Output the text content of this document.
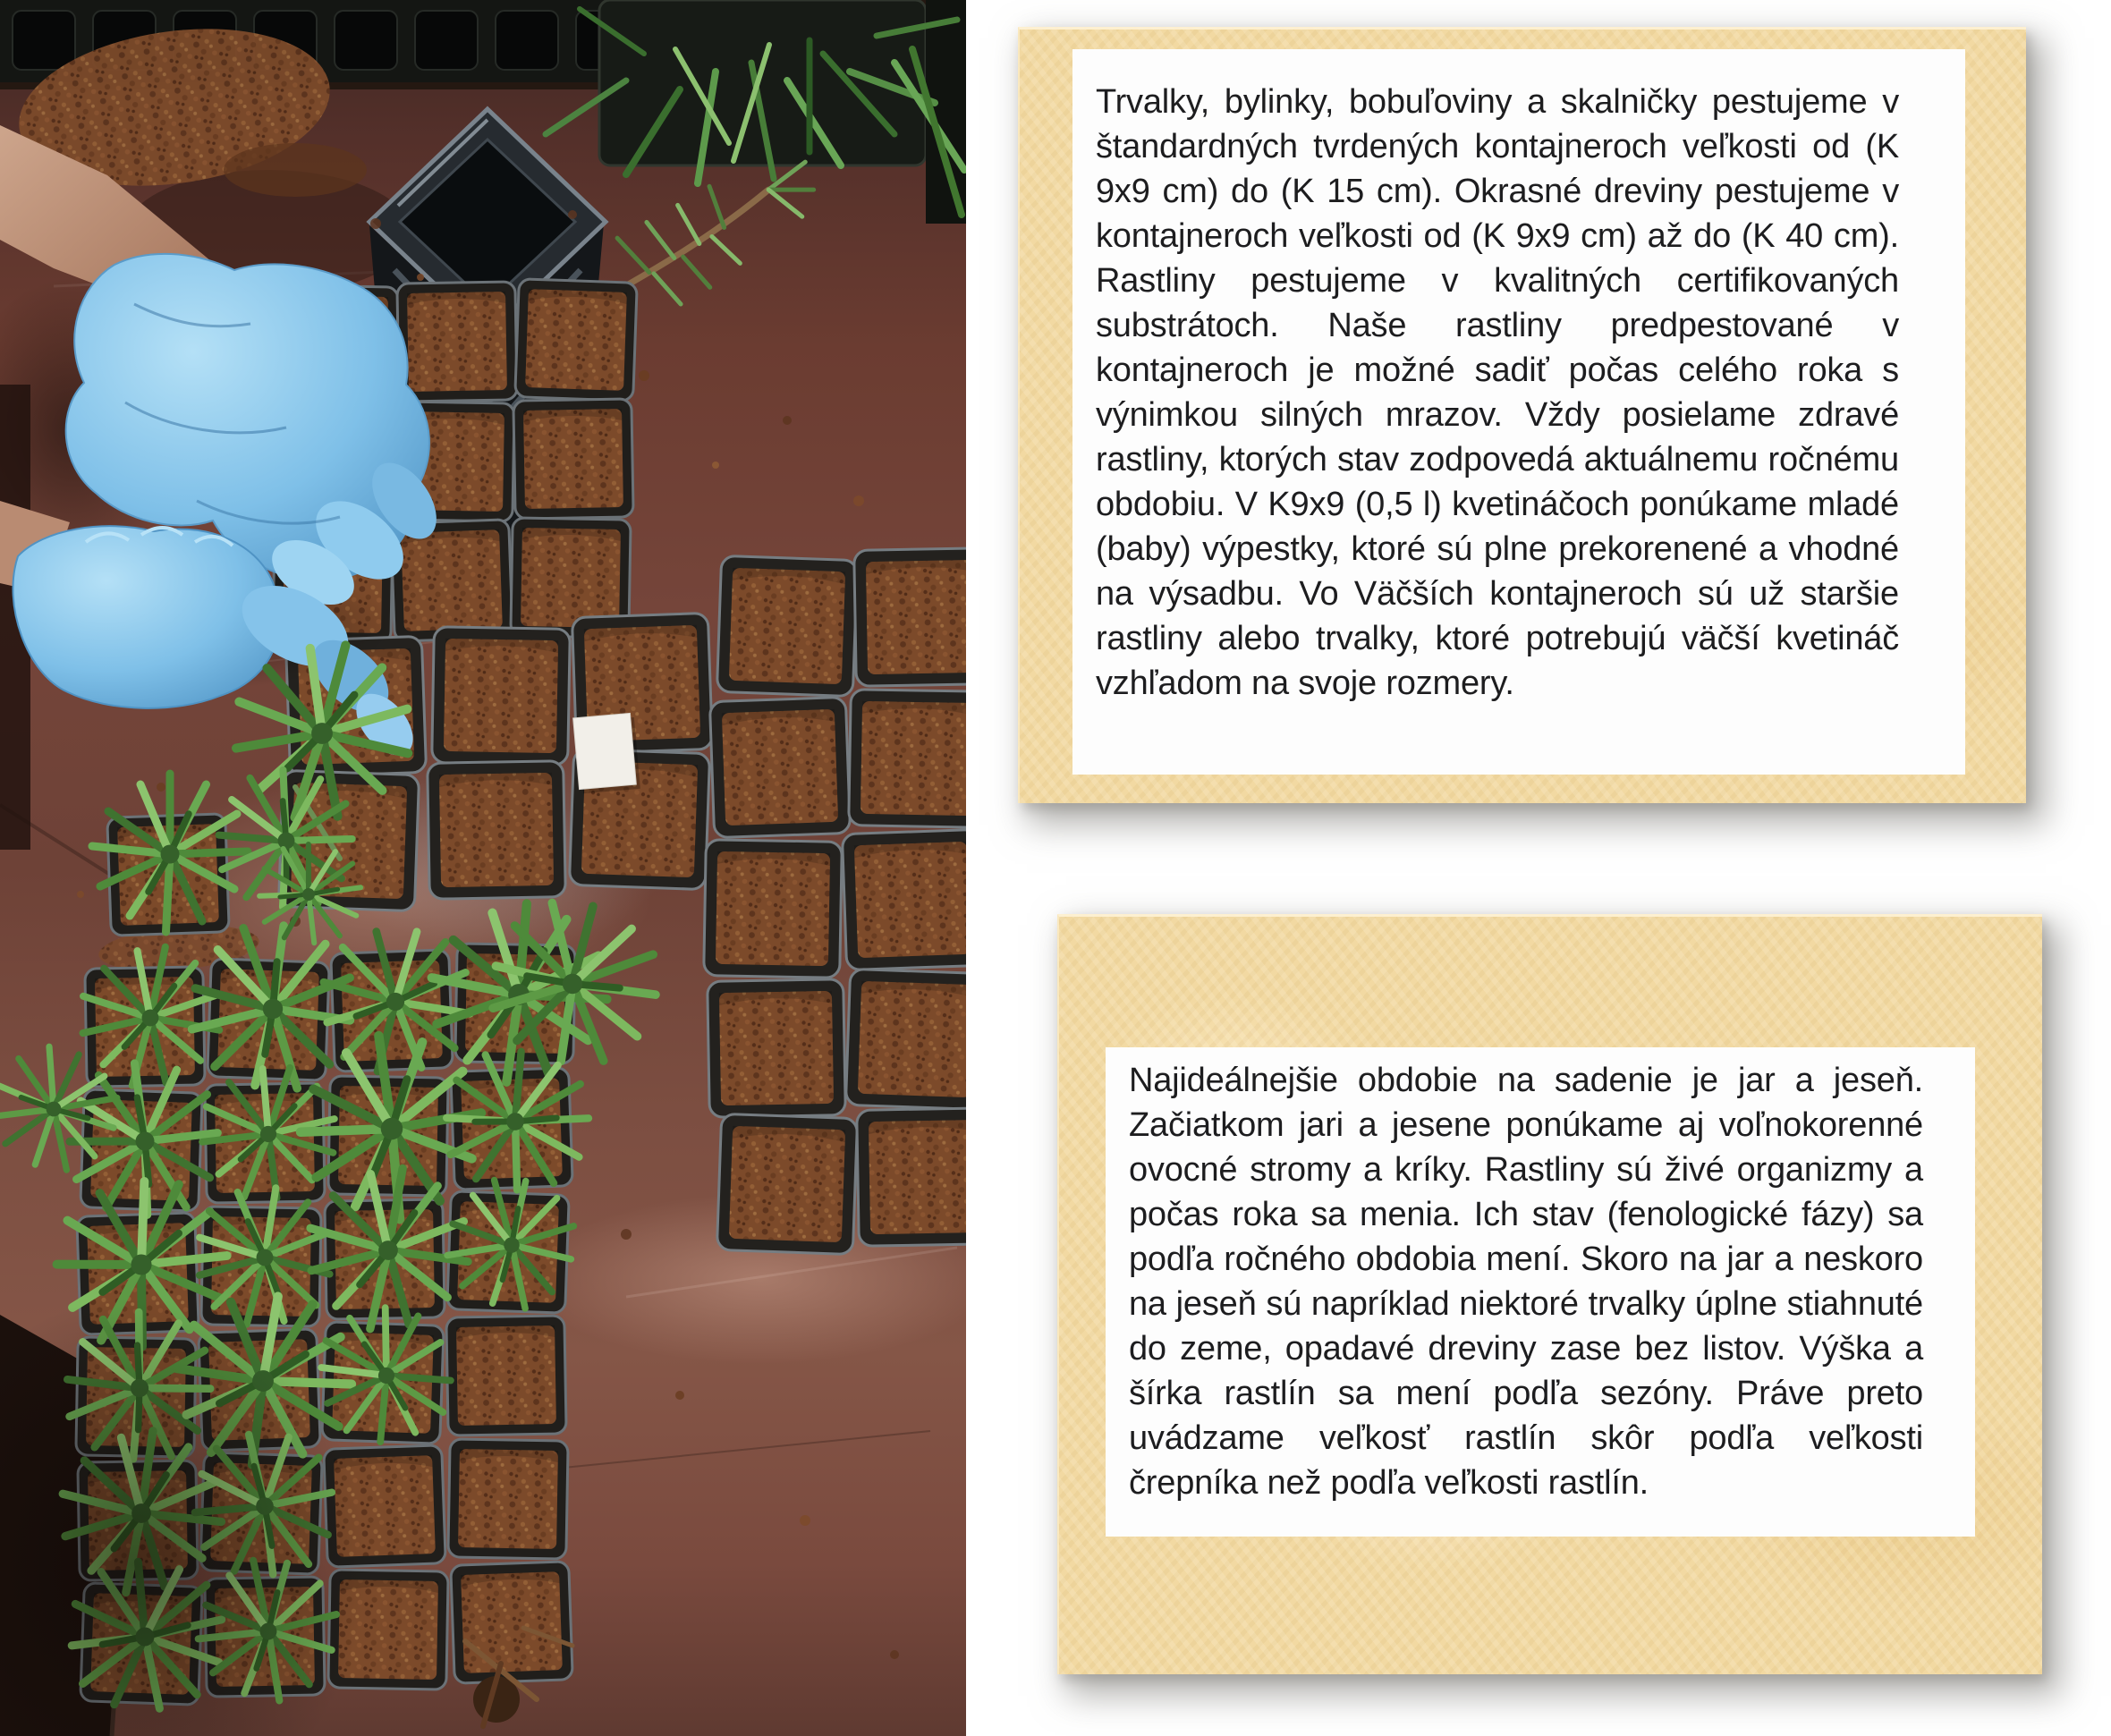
Trvalky, bylinky, bobuľoviny a skalničky pestujeme v štandardných tvrdených kontajneroch veľkosti od (K 9x9 cm) do (K 15 cm). Okrasné dreviny pestujeme v kontajneroch veľkosti od (K 9x9 cm) až do (K 40 cm). Rastliny pestujeme v kvalitných certifikovaných substrátoch. Naše rastliny predpestované v kontajneroch je možné sadiť počas celého roka s výnimkou silných mrazov. Vždy posielame zdravé rastliny, ktorých stav zodpovedá aktuálnemu ročnému obdobiu. V K9x9 (0,5 l) kvetináčoch ponúkame mladé (baby) výpestky, ktoré sú plne prekorenené a vhodné na výsadbu. Vo Väčších kontajneroch sú už staršie rastliny alebo trvalky, ktoré potrebujú väčší kvetináč vzhľadom na svoje rozmery.

Najideálnejšie obdobie na sadenie je jar a jeseň. Začiatkom jari a jesene ponúkame aj voľnokorenné ovocné stromy a kríky. Rastliny sú živé organizmy a počas roka sa menia. Ich stav (fenologické fázy) sa podľa ročného obdobia mení. Skoro na jar a neskoro na jeseň sú napríklad niektoré trvalky úplne stiahnuté do zeme, opadavé dreviny zase bez listov. Výška a šírka rastlín sa mení podľa sezóny. Práve preto uvádzame veľkosť rastlín skôr podľa veľkosti črepníka než podľa veľkosti rastlín.
